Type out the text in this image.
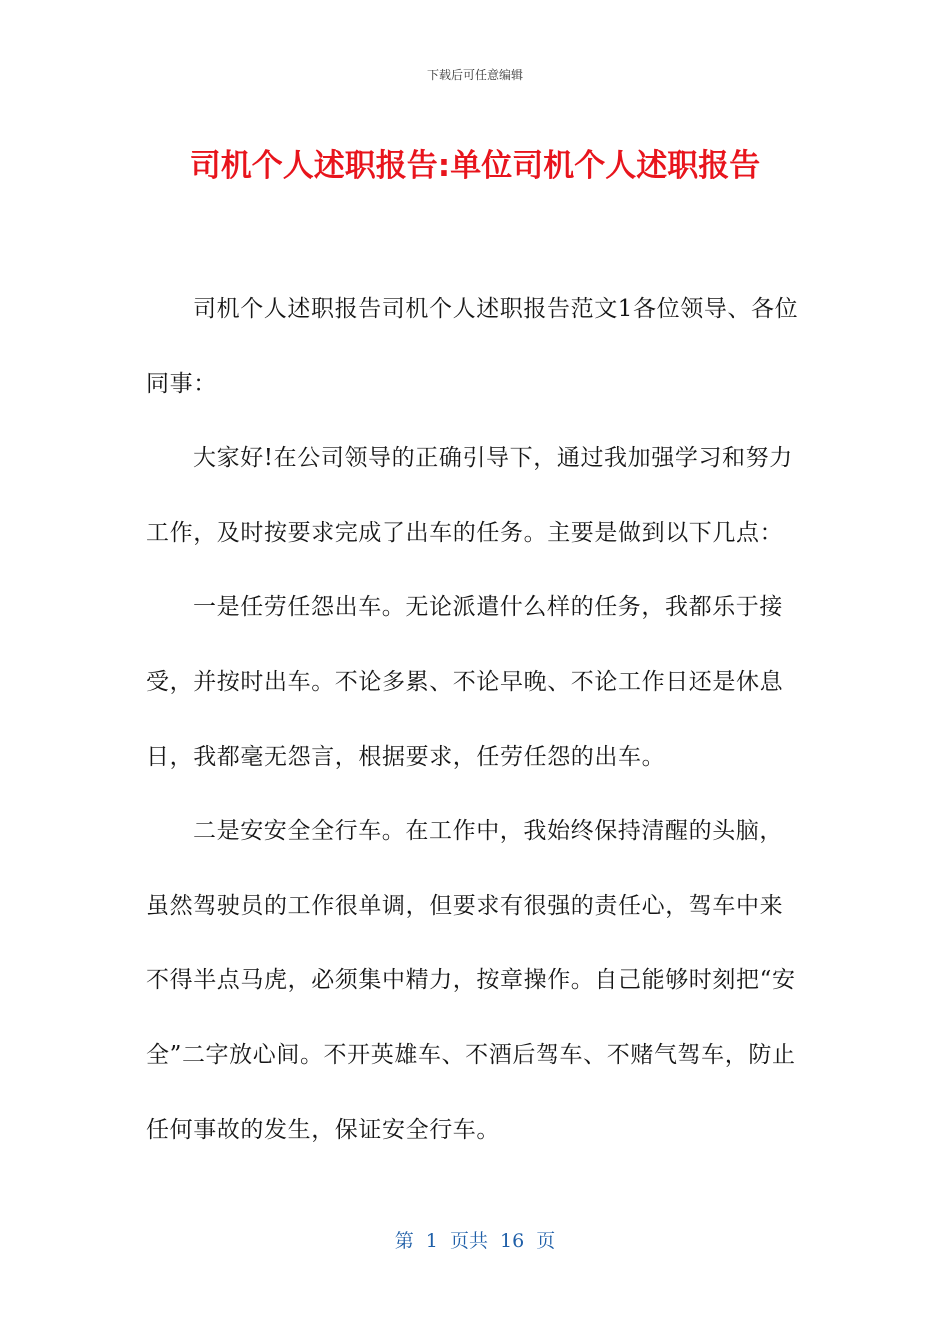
下载后可任意编辑
司机个人述职报告:单位司机个人述职报告

司机个人述职报告司机个人述职报告范文1各位领导、各位同事：

大家好!在公司领导的正确引导下，通过我加强学习和努力工作，及时按要求完成了出车的任务。主要是做到以下几点：

一是任劳任怨出车。无论派遣什么样的任务，我都乐于接受，并按时出车。不论多累、不论早晚、不论工作日还是休息日，我都毫无怨言，根据要求，任劳任怨的出车。

二是安安全全行车。在工作中，我始终保持清醒的头脑，虽然驾驶员的工作很单调，但要求有很强的责任心，驾车中来不得半点马虎，必须集中精力，按章操作。自己能够时刻把“安全”二字放心间。不开英雄车、不酒后驾车、不赌气驾车，防止任何事故的发生，保证安全行车。

第  1  页共  16  页
